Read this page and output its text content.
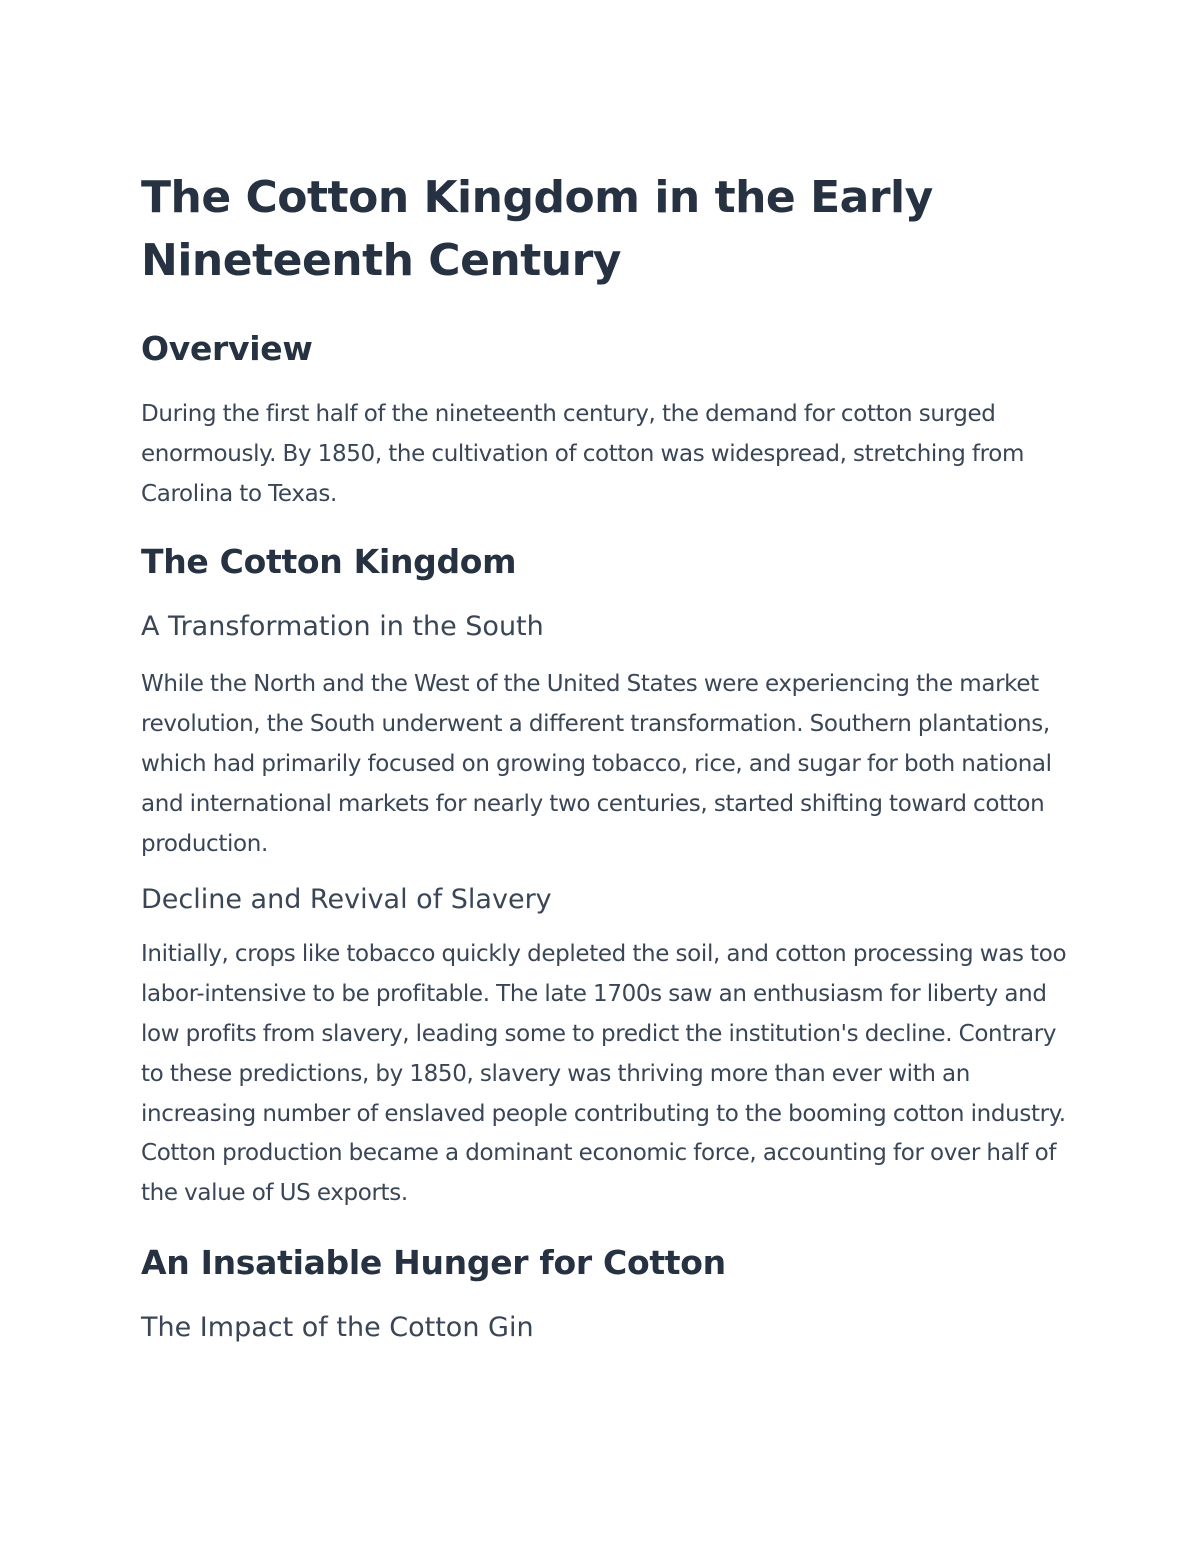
The Cotton Kingdom in the Early Nineteenth Century
Overview

During the first half of the nineteenth century, the demand for cotton surged enormously. By 1850, the cultivation of cotton was widespread, stretching from Carolina to Texas.

The Cotton Kingdom
A Transformation in the South

While the North and the West of the United States were experiencing the market revolution, the South underwent a different transformation. Southern plantations, which had primarily focused on growing tobacco, rice, and sugar for both national and international markets for nearly two centuries, started shifting toward cotton production.

Decline and Revival of Slavery

Initially, crops like tobacco quickly depleted the soil, and cotton processing was too labor-intensive to be profitable. The late 1700s saw an enthusiasm for liberty and low profits from slavery, leading some to predict the institution's decline. Contrary to these predictions, by 1850, slavery was thriving more than ever with an increasing number of enslaved people contributing to the booming cotton industry. Cotton production became a dominant economic force, accounting for over half of the value of US exports.

An Insatiable Hunger for Cotton
The Impact of the Cotton Gin
